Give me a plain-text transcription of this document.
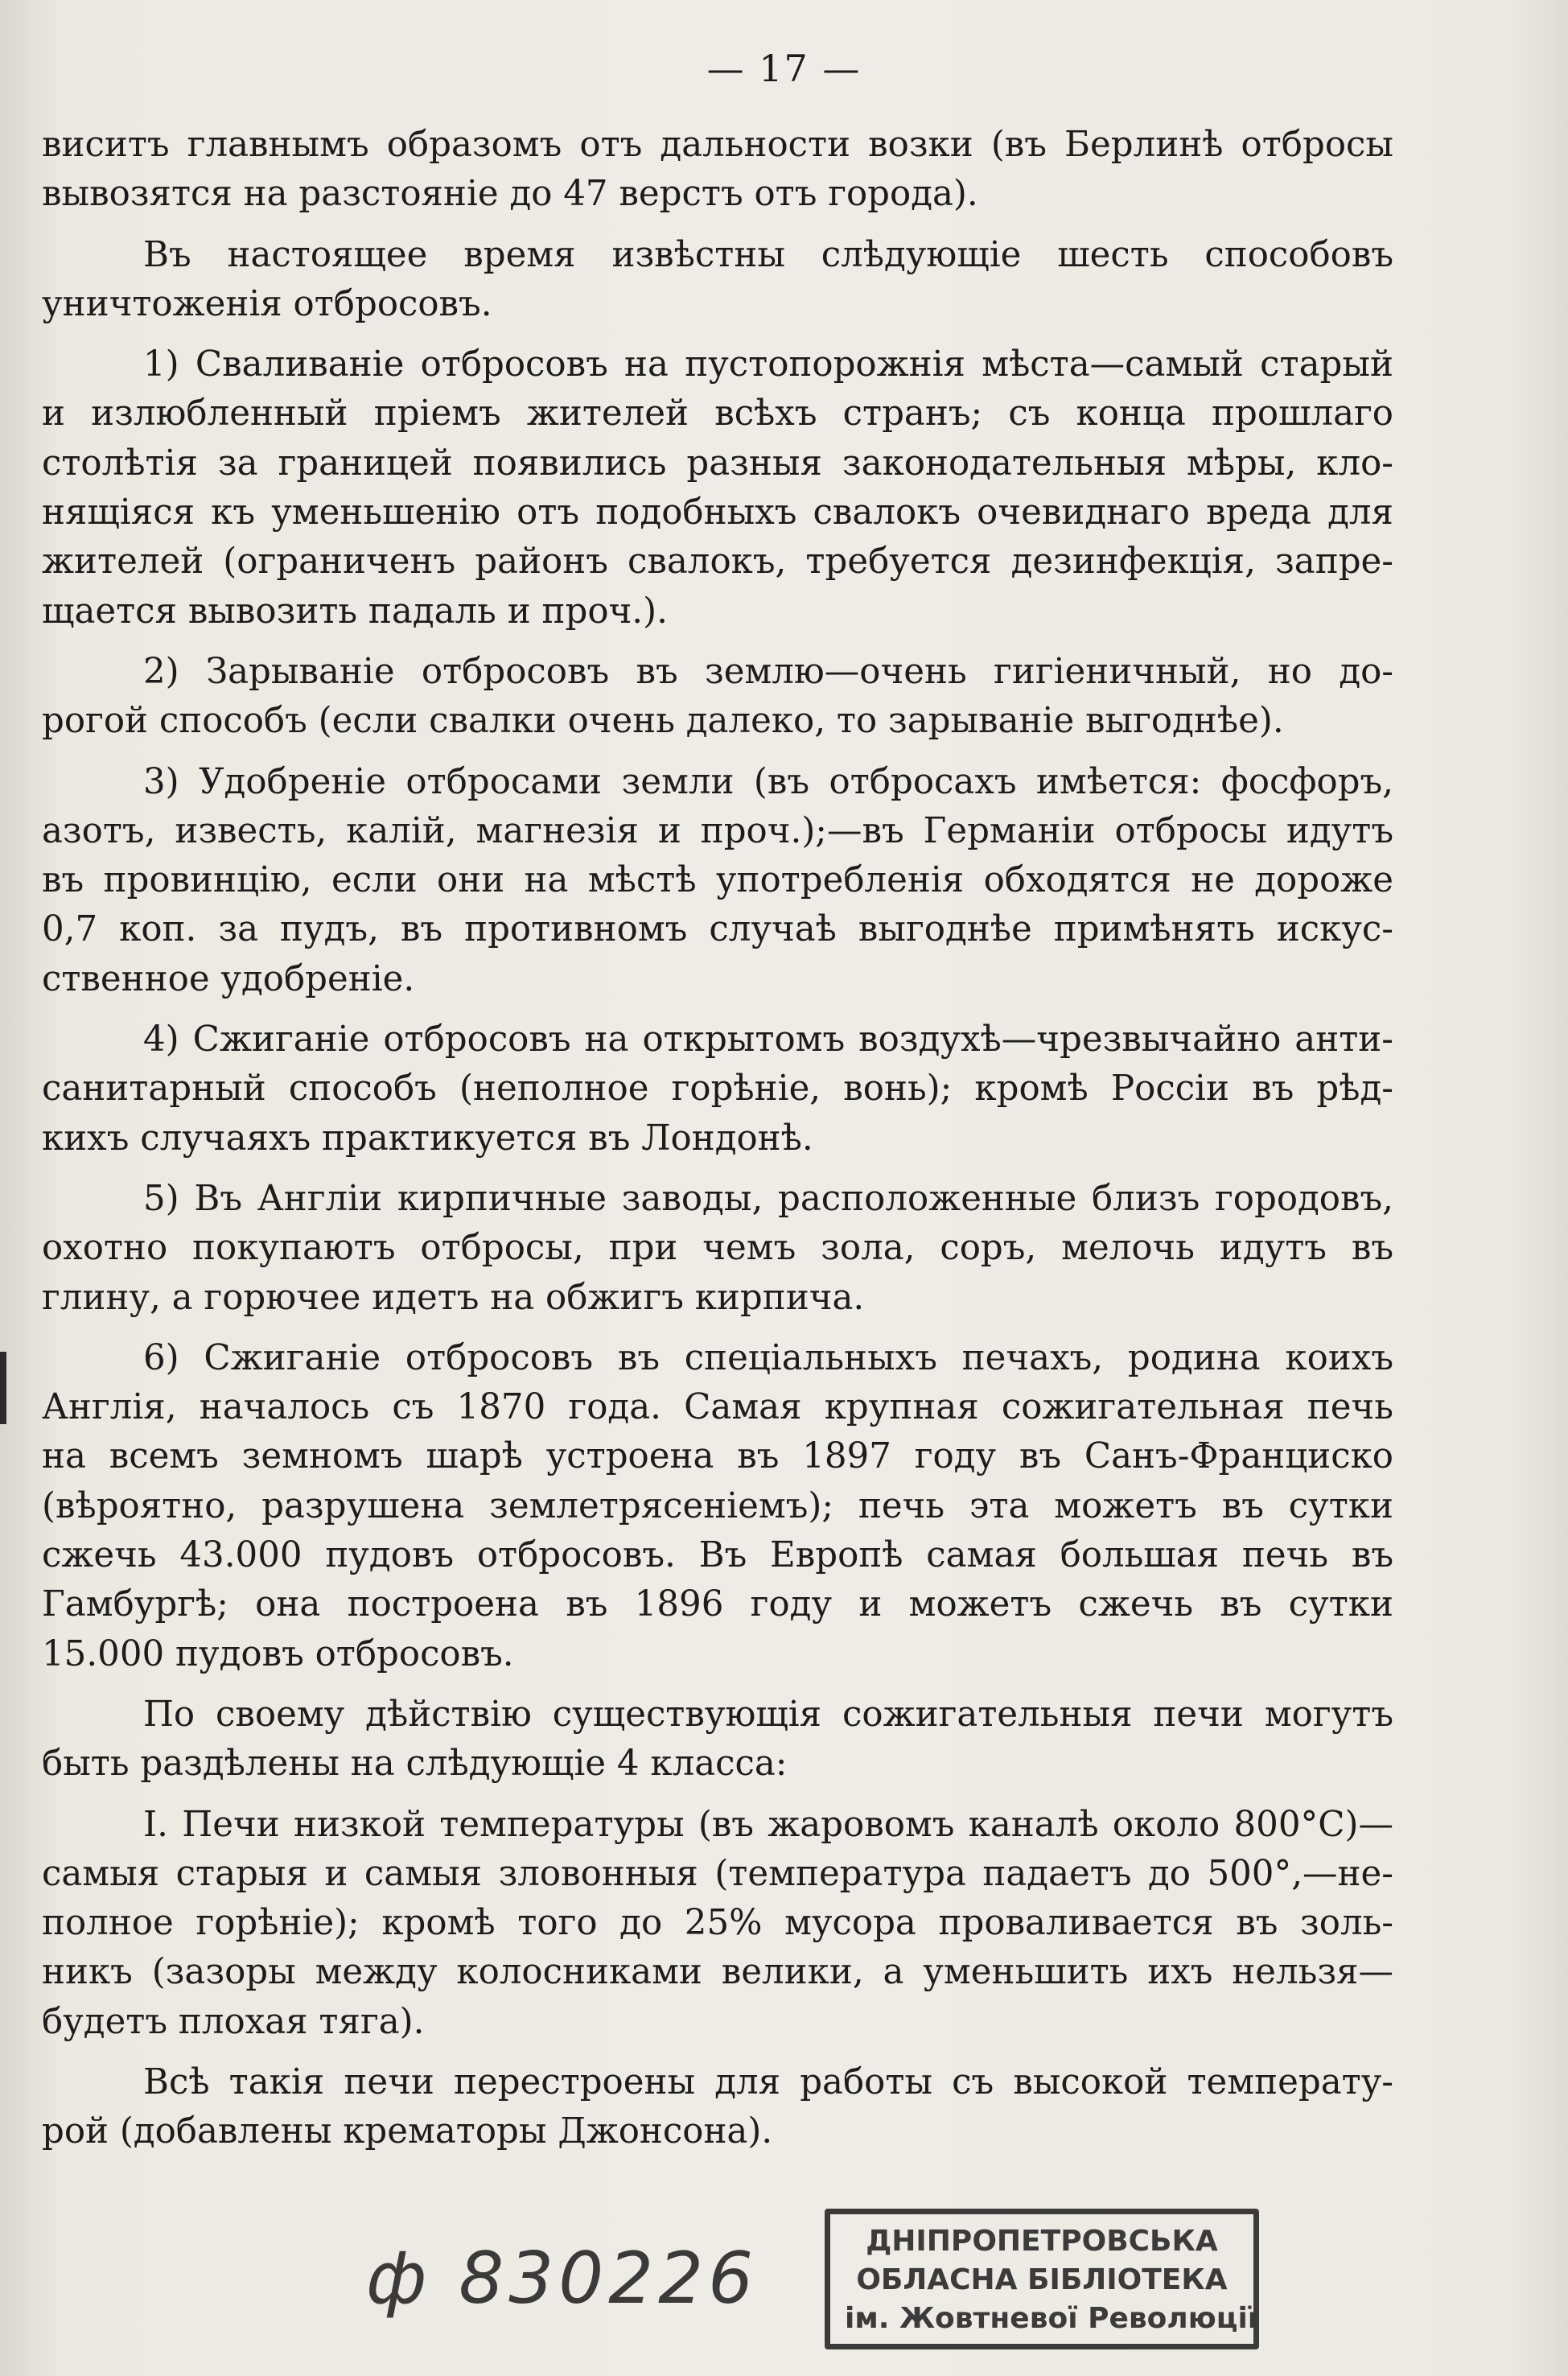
— 17 —

виситъ главнымъ образомъ отъ дальности возки (въ Берлинѣ отбросы
вывозятся на разстояніе до 47 верстъ отъ города).

Въ настоящее время извѣстны слѣдующіе шесть способовъ
уничтоженія отбросовъ.

1) Сваливаніе отбросовъ на пустопорожнія мѣста—самый старый
и излюбленный пріемъ жителей всѣхъ странъ; съ конца прошлаго
столѣтія за границей появились разныя законодательныя мѣры, кло-
нящіяся къ уменьшенію отъ подобныхъ свалокъ очевиднаго вреда для
жителей (ограниченъ районъ свалокъ, требуется дезинфекція, запре-
щается вывозить падаль и проч.).

2) Зарываніе отбросовъ въ землю—очень гигіеничный, но до-
рогой способъ (если свалки очень далеко, то зарываніе выгоднѣе).

3) Удобреніе отбросами земли (въ отбросахъ имѣется: фосфоръ,
азотъ, известь, калій, магнезія и проч.);—въ Германіи отбросы идутъ
въ провинцію, если они на мѣстѣ употребленія обходятся не дороже
0,7 коп. за пудъ, въ противномъ случаѣ выгоднѣе примѣнять искус-
ственное удобреніе.

4) Сжиганіе отбросовъ на открытомъ воздухѣ—чрезвычайно анти-
санитарный способъ (неполное горѣніе, вонь); кромѣ Россіи въ рѣд-
кихъ случаяхъ практикуется въ Лондонѣ.

5) Въ Англіи кирпичные заводы, расположенные близъ городовъ,
охотно покупаютъ отбросы, при чемъ зола, соръ, мелочь идутъ въ
глину, а горючее идетъ на обжигъ кирпича.

6) Сжиганіе отбросовъ въ спеціальныхъ печахъ, родина коихъ
Англія, началось съ 1870 года. Самая крупная сожигательная печь
на всемъ земномъ шарѣ устроена въ 1897 году въ Санъ-Франциско
(вѣроятно, разрушена землетрясеніемъ); печь эта можетъ въ сутки
сжечь 43.000 пудовъ отбросовъ. Въ Европѣ самая большая печь въ
Гамбургѣ; она построена въ 1896 году и можетъ сжечь въ сутки
15.000 пудовъ отбросовъ.

По своему дѣйствію существующія сожигательныя печи могутъ
быть раздѣлены на слѣдующіе 4 класса:

I. Печи низкой температуры (въ жаровомъ каналѣ около 800°С)—
самыя старыя и самыя зловонныя (температура падаетъ до 500°,—не-
полное горѣніе); кромѣ того до 25% мусора проваливается въ золь-
никъ (зазоры между колосниками велики, а уменьшить ихъ нельзя—
будетъ плохая тяга).

Всѣ такія печи перестроены для работы съ высокой температу-
рой (добавлены крематоры Джонсона).

ф 830226	ДНІПРОПЕТРОВСЬКА
ОБЛАСНА БІБЛІОТЕКА
ім. Жовтневої Революції
